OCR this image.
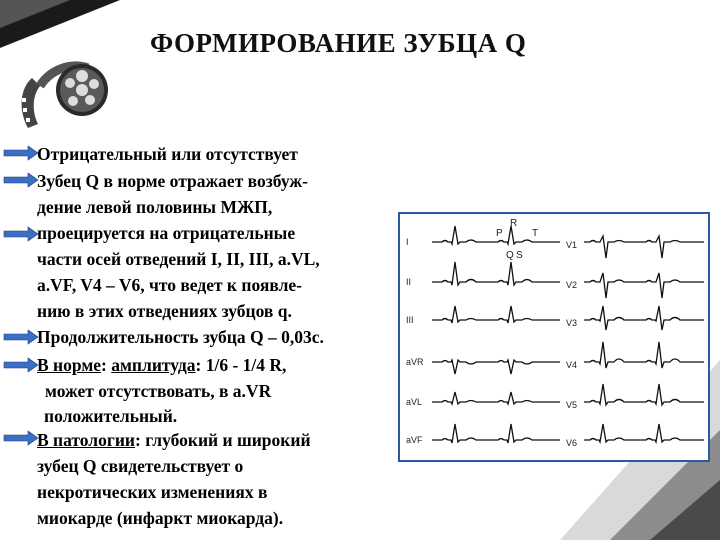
ФОРМИРОВАНИЕ ЗУБЦА Q
Отрицательный или отсутствует
Зубец Q в норме отражает возбуж-
дение левой половины МЖП,
проецируется на отрицательные
части осей отведений I, II, III, a.VL,
a.VF, V4 – V6, что ведет к появле-
нию в этих отведениях зубцов q.
Продолжительность зубца Q – 0,03с.
В норме: амплитуда: 1/6 - 1/4 R,
может отсутствовать, в a.VR
положительный.
В патологии: глубокий и широкий
зубец Q свидетельствует о
некротических изменениях в
миокарде (инфаркт миокарда).
I
II
III
aVR
aVL
aVF
V1
V2
V3
V4
V5
V6
P
R
T
Q S
